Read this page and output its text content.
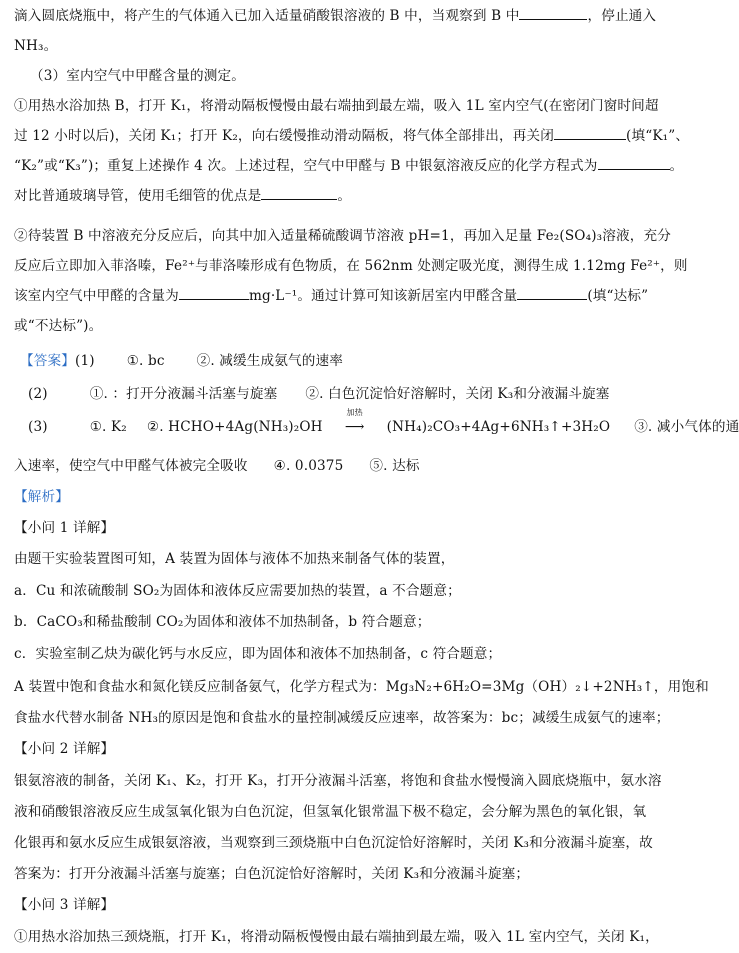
滴入圆底烧瓶中，将产生的气体通入已加入适量硝酸银溶液的 B 中，当观察到 B 中	，停止通入
NH₃。
（3）室内空气中甲醛含量的测定。
①用热水浴加热 B，打开 K₁，将滑动隔板慢慢由最右端抽到最左端，吸入 1L 室内空气(在密闭门窗时间超
过 12 小时以后)，关闭 K₁；打开 K₂，向右缓慢推动滑动隔板，将气体全部排出，再关闭	(填“K₁”、
“K₂”或“K₃”)；重复上述操作 4 次。上述过程，空气中甲醛与 B 中银氨溶液反应的化学方程式为	。
对比普通玻璃导管，使用毛细管的优点是	。
②待装置 B 中溶液充分反应后，向其中加入适量稀硫酸调节溶液 pH=1，再加入足量 Fe₂(SO₄)₃溶液，充分
反应后立即加入菲洛嗪，Fe²⁺与菲洛嗪形成有色物质，在 562nm 处测定吸光度，测得生成 1.12mg Fe²⁺，则
该室内空气中甲醛的含量为	mg·L⁻¹。通过计算可知该新居室内甲醛含量	(填“达标”
或“不达标”)。
【答案】(1) ①. bc ②. 减缓生成氨气的速率
(2)	①. ：打开分液漏斗活塞与旋塞 ②. 白色沉淀恰好溶解时，关闭 K₃和分液漏斗旋塞
(3)	①. K₂ ②. HCHO+4Ag(NH₃)₂OH
加热
⟶ (NH₄)₂CO₃+4Ag+6NH₃↑+3H₂O ③. 减小气体的通
入速率，使空气中甲醛气体被完全吸收 ④. 0.0375 ⑤. 达标
【解析】
【小问 1 详解】
由题干实验装置图可知，A 装置为固体与液体不加热来制备气体的装置，
a．Cu 和浓硫酸制 SO₂为固体和液体反应需要加热的装置，a 不合题意；
b．CaCO₃和稀盐酸制 CO₂为固体和液体不加热制备，b 符合题意；
c．实验室制乙炔为碳化钙与水反应，即为固体和液体不加热制备，c 符合题意；
A 装置中饱和食盐水和氮化镁反应制备氨气，化学方程式为：Mg₃N₂+6H₂O=3Mg（OH）₂↓+2NH₃↑，用饱和
食盐水代替水制备 NH₃的原因是饱和食盐水的量控制减缓反应速率，故答案为：bc；减缓生成氨气的速率；
【小问 2 详解】
银氨溶液的制备，关闭 K₁、K₂，打开 K₃，打开分液漏斗活塞，将饱和食盐水慢慢滴入圆底烧瓶中，氨水溶
液和硝酸银溶液反应生成氢氧化银为白色沉淀，但氢氧化银常温下极不稳定，会分解为黑色的氧化银，氧
化银再和氨水反应生成银氨溶液，当观察到三颈烧瓶中白色沉淀恰好溶解时，关闭 K₃和分液漏斗旋塞，故
答案为：打开分液漏斗活塞与旋塞；白色沉淀恰好溶解时，关闭 K₃和分液漏斗旋塞；
【小问 3 详解】
①用热水浴加热三颈烧瓶，打开 K₁，将滑动隔板慢慢由最右端抽到最左端，吸入 1L 室内空气，关闭 K₁，
